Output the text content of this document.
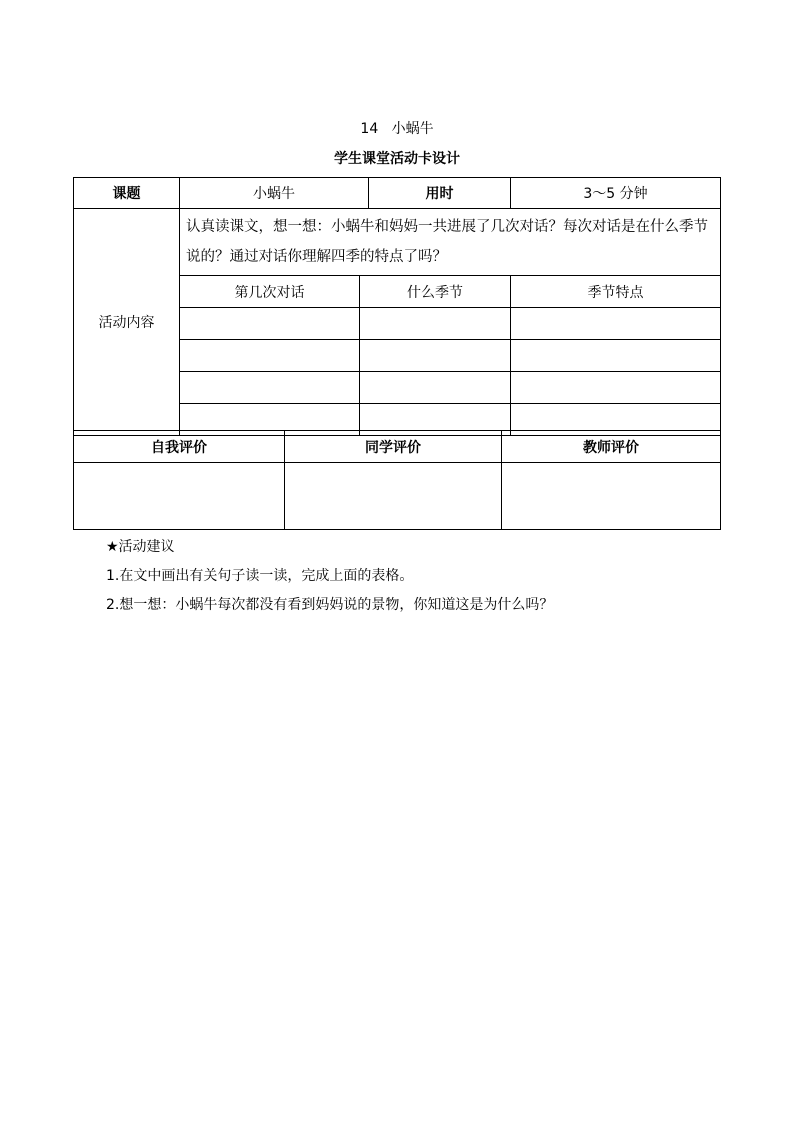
14   小蜗牛
学生课堂活动卡设计
课题	小蜗牛		用时	3～5 分钟
活动内容	认真读课文，想一想：小蜗牛和妈妈一共进展了几次对话？每次对话是在什么季节说的？通过对话你理解四季的特点了吗？			
	第几次对话	什么季节		季节特点

自我评价	同学评价	教师评价

★活动建议
1.在文中画出有关句子读一读，完成上面的表格。
2.想一想：小蜗牛每次都没有看到妈妈说的景物，你知道这是为什么吗？
